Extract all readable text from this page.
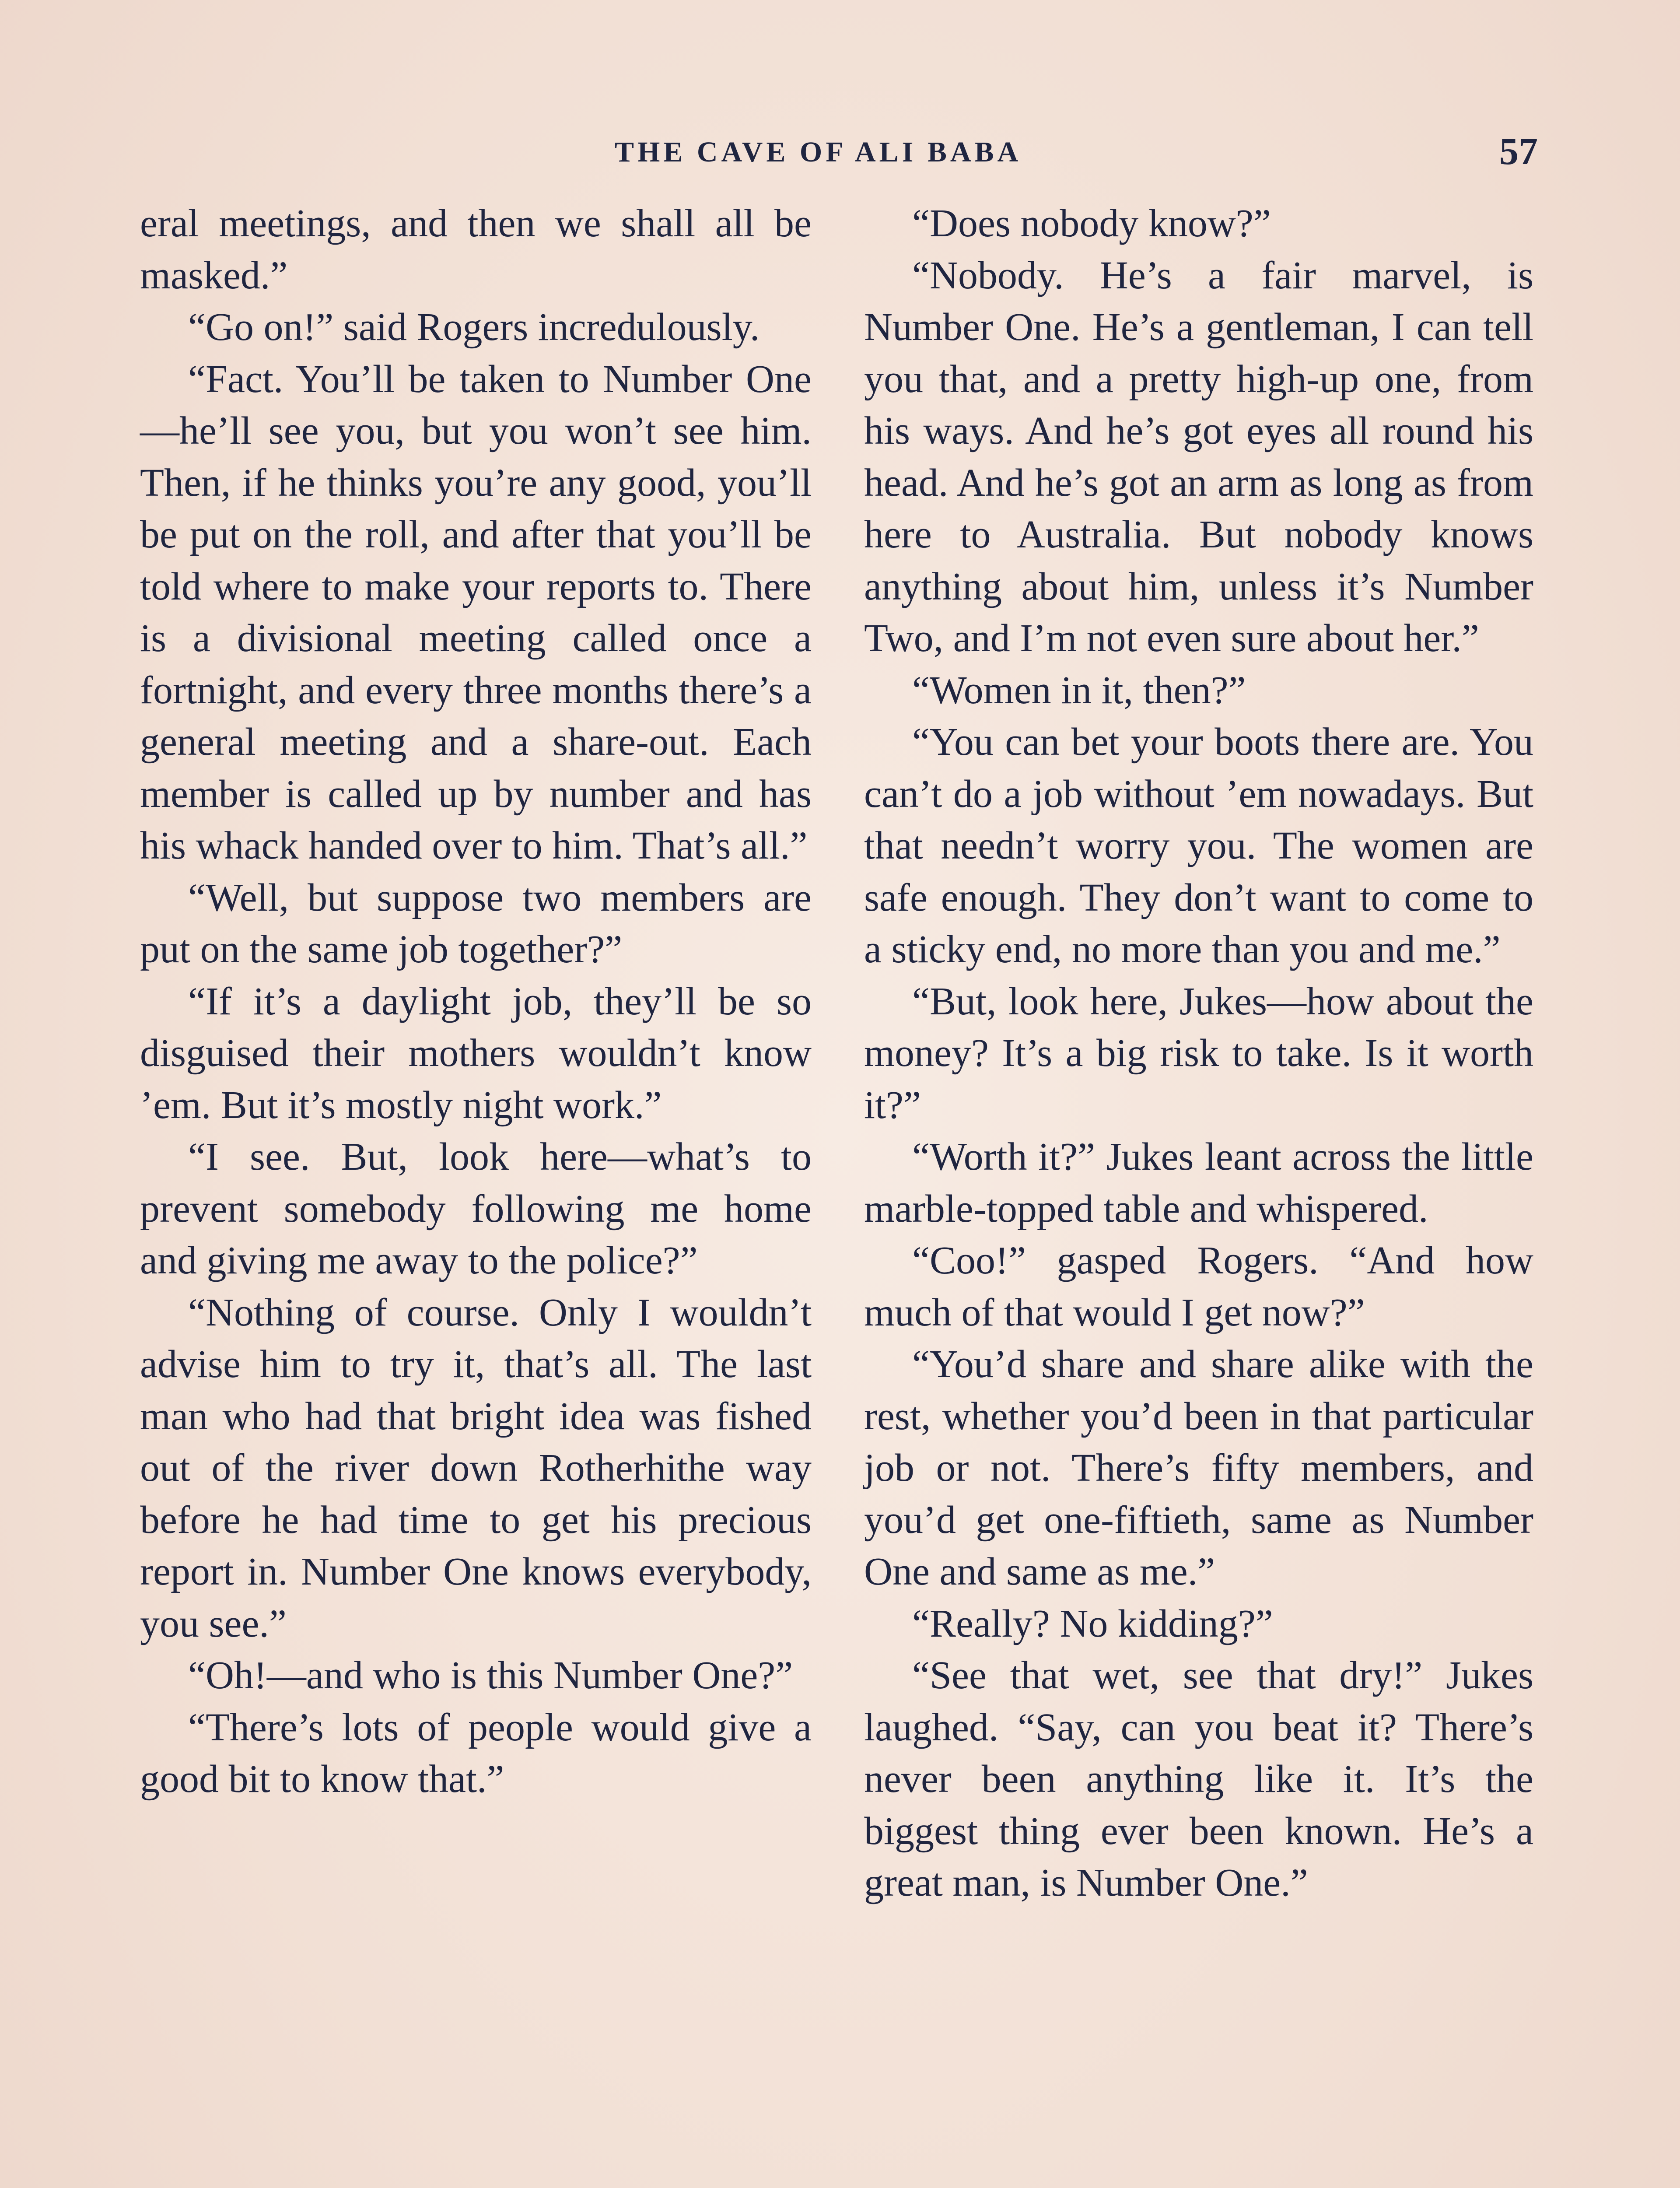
THE CAVE OF ALI BABA	57

eral meetings, and then we shall all be masked.”

“Go on!” said Rogers incredulously.

“Fact. You’ll be taken to Number One—he’ll see you, but you won’t see him. Then, if he thinks you’re any good, you’ll be put on the roll, and after that you’ll be told where to make your reports to. There is a divisional meeting called once a fortnight, and every three months there’s a general meeting and a share-out. Each member is called up by number and has his whack handed over to him. That’s all.”

“Well, but suppose two members are put on the same job together?”

“If it’s a daylight job, they’ll be so disguised their mothers wouldn’t know ’em. But it’s mostly night work.”

“I see. But, look here—what’s to prevent somebody following me home and giving me away to the police?”

“Nothing of course. Only I wouldn’t advise him to try it, that’s all. The last man who had that bright idea was fished out of the river down Rotherhithe way before he had time to get his precious report in. Number One knows everybody, you see.”

“Oh!—and who is this Number One?”

“There’s lots of people would give a good bit to know that.”

“Does nobody know?”

“Nobody. He’s a fair marvel, is Number One. He’s a gentleman, I can tell you that, and a pretty high-up one, from his ways. And he’s got eyes all round his head. And he’s got an arm as long as from here to Australia. But nobody knows anything about him, unless it’s Number Two, and I’m not even sure about her.”

“Women in it, then?”

“You can bet your boots there are. You can’t do a job without ’em nowadays. But that needn’t worry you. The women are safe enough. They don’t want to come to a sticky end, no more than you and me.”

“But, look here, Jukes—how about the money? It’s a big risk to take. Is it worth it?”

“Worth it?” Jukes leant across the little marble-topped table and whispered.

“Coo!” gasped Rogers. “And how much of that would I get now?”

“You’d share and share alike with the rest, whether you’d been in that particular job or not. There’s fifty members, and you’d get one-fiftieth, same as Number One and same as me.”

“Really? No kidding?”

“See that wet, see that dry!” Jukes laughed. “Say, can you beat it? There’s never been anything like it. It’s the biggest thing ever been known. He’s a great man, is Number One.”
